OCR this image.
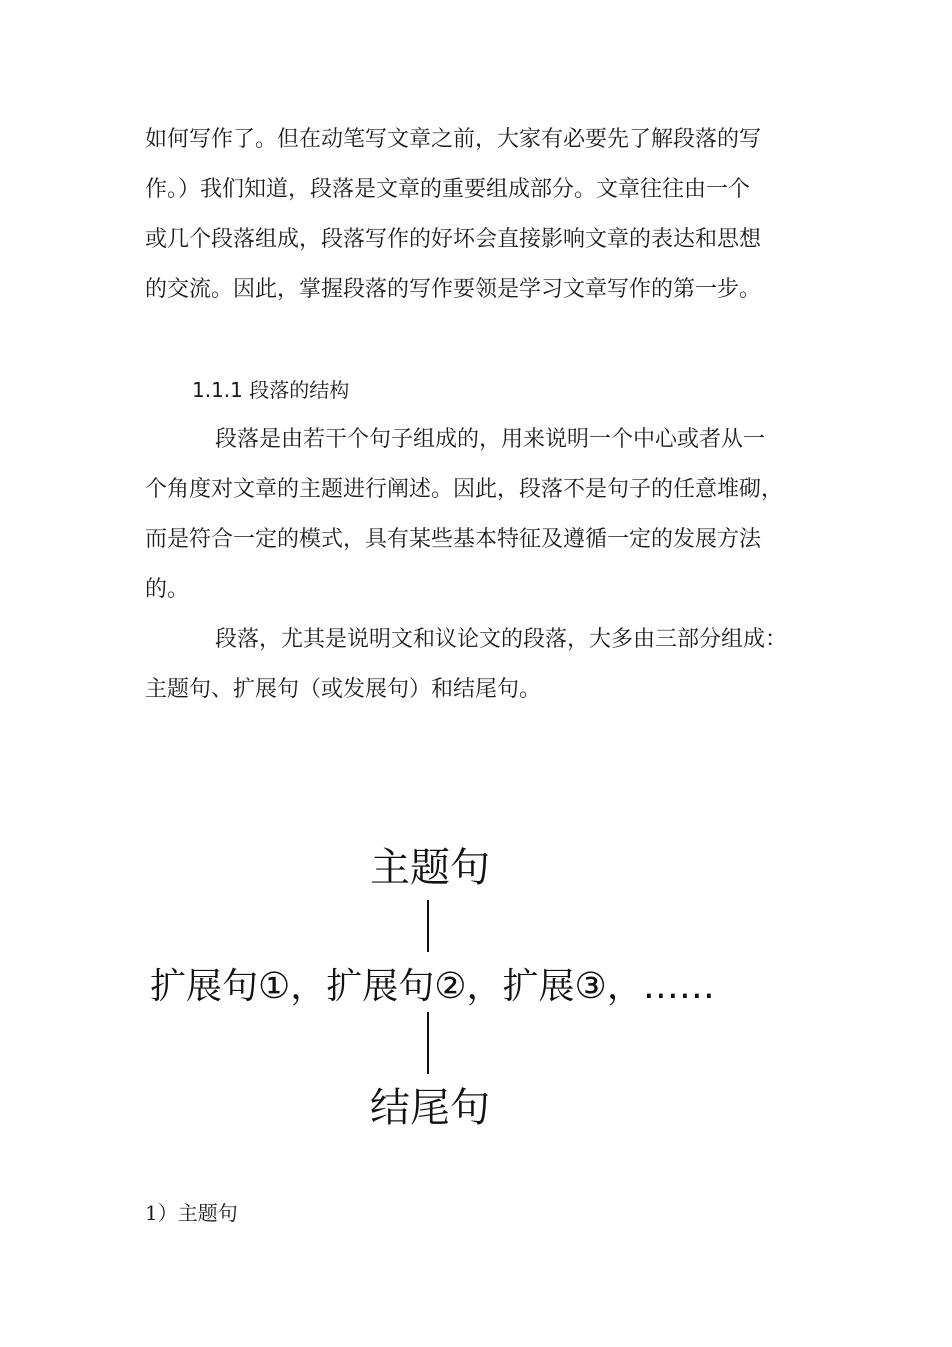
如何写作了。但在动笔写文章之前，大家有必要先了解段落的写
作。）我们知道，段落是文章的重要组成部分。文章往往由一个
或几个段落组成，段落写作的好坏会直接影响文章的表达和思想
的交流。因此，掌握段落的写作要领是学习文章写作的第一步。
1.1.1 段落的结构
段落是由若干个句子组成的，用来说明一个中心或者从一
个角度对文章的主题进行阐述。因此，段落不是句子的任意堆砌，
而是符合一定的模式，具有某些基本特征及遵循一定的发展方法
的。
段落，尤其是说明文和议论文的段落，大多由三部分组成：
主题句、扩展句（或发展句）和结尾句。
主题句
扩展句①，扩展句②，扩展③，……
结尾句
1）主题句
